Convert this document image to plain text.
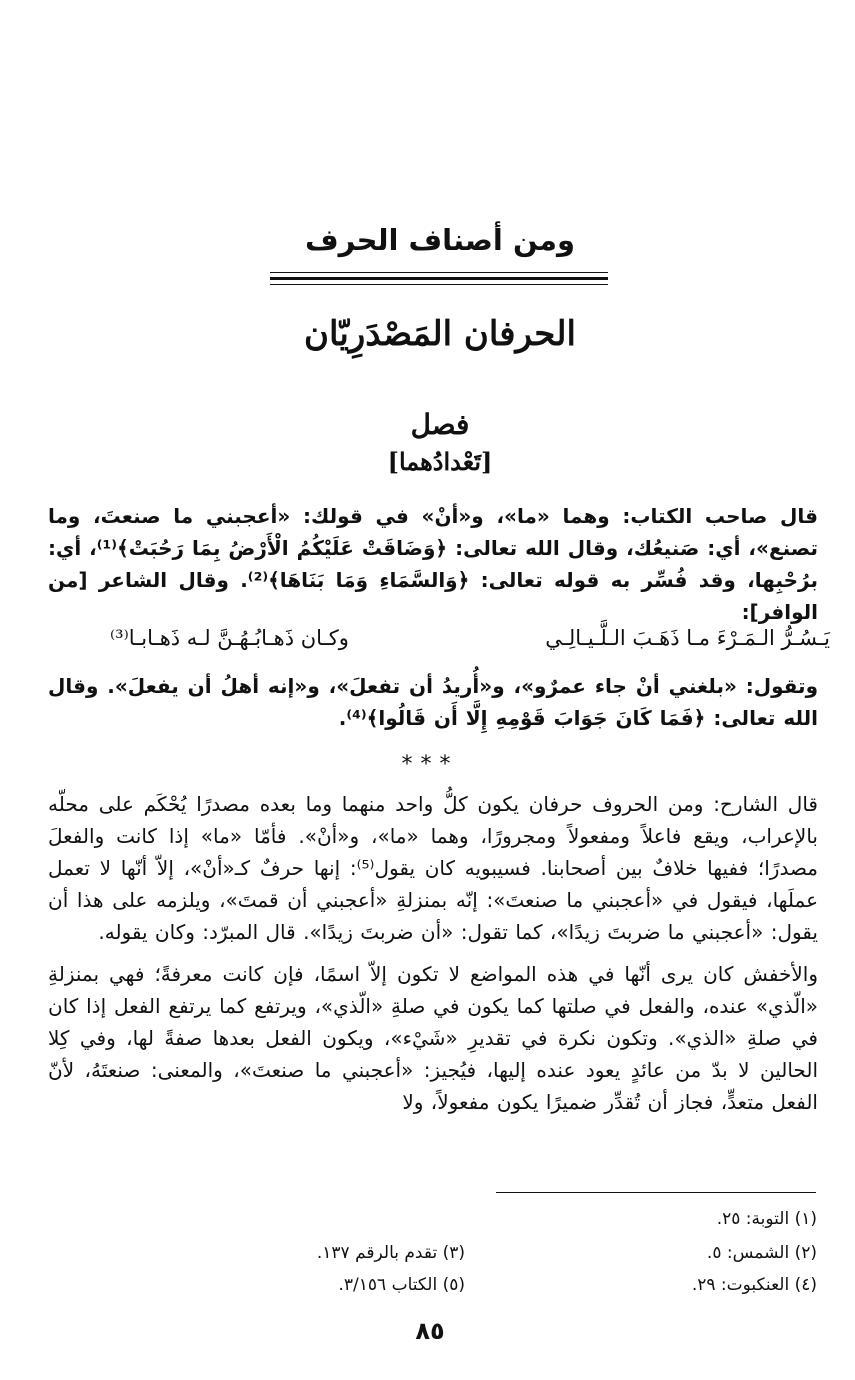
ومن أصناف الحرف
الحرفان المَصْدَرِيّان
فصل
[تَعْدادُهما]
قال صاحب الكتاب: وهما «ما»، و«أنْ» في قولك: «أعجبني ما صنعتَ، وما تصنع»، أي: صَنيعُك، وقال الله تعالى: ﴿وَضَاقَتْ عَلَيْكُمُ الْأَرْضُ بِمَا رَحُبَتْ﴾⁽¹⁾، أي: برُحْبِها، وقد فُسِّر به قوله تعالى: ﴿وَالسَّمَاءِ وَمَا بَنَاهَا﴾⁽²⁾. وقال الشاعر [من الوافر]:
يَـسُـرُّ الـمَـرْءَ مـا ذَهَـبَ الـلَّـيـالِـي
وكـان ذَهـابُـهُـنَّ لـه ذَهـابـا⁽³⁾
وتقول: «بلغني أنْ جاء عمرٌو»، و«أُريدُ أن تفعلَ»، و«إنه أهلُ أن يفعلَ». وقال الله تعالى: ﴿فَمَا كَانَ جَوَابَ قَوْمِهِ إِلَّا أَن قَالُوا﴾⁽⁴⁾.
***
قال الشارح: ومن الحروف حرفان يكون كلُّ واحد منهما وما بعده مصدرًا يُحْكَم على محلّه بالإعراب، ويقع فاعلاً ومفعولاً ومجرورًا، وهما «ما»، و«أنْ». فأمّا «ما» إذا كانت والفعلَ مصدرًا؛ ففيها خلافٌ بين أصحابنا. فسيبويه كان يقول⁽⁵⁾: إنها حرفٌ كـ«أنْ»، إلاّ أنّها لا تعمل عملَها، فيقول في «أعجبني ما صنعتَ»: إنّه بمنزلةِ «أعجبني أن قمتَ»، ويلزمه على هذا أن يقول: «أعجبني ما ضربتَ زيدًا»، كما تقول: «أن ضربتَ زيدًا». قال المبرّد: وكان يقوله.
والأخفش كان يرى أنّها في هذه المواضع لا تكون إلاّ اسمًا، فإن كانت معرفةً؛ فهي بمنزلةِ «الّذي» عنده، والفعل في صلتها كما يكون في صلةِ «الّذي»، ويرتفع كما يرتفع الفعل إذا كان في صلةِ «الذي». وتكون نكرة في تقديرِ «شَيْء»، ويكون الفعل بعدها صفةً لها، وفي كِلا الحالين لا بدّ من عائدٍ يعود عنده إليها، فيُجيز: «أعجبني ما صنعتَ»، والمعنى: صنعتَهُ، لأنّ الفعل متعدٍّ، فجاز أن تُقدِّر ضميرًا يكون مفعولاً، ولا
(١) التوبة: ٢٥.
(٢) الشمس: ٥.
(٣) تقدم بالرقم ١٣٧.
(٤) العنكبوت: ٢٩.
(٥) الكتاب ٣/١٥٦.
٨٥
